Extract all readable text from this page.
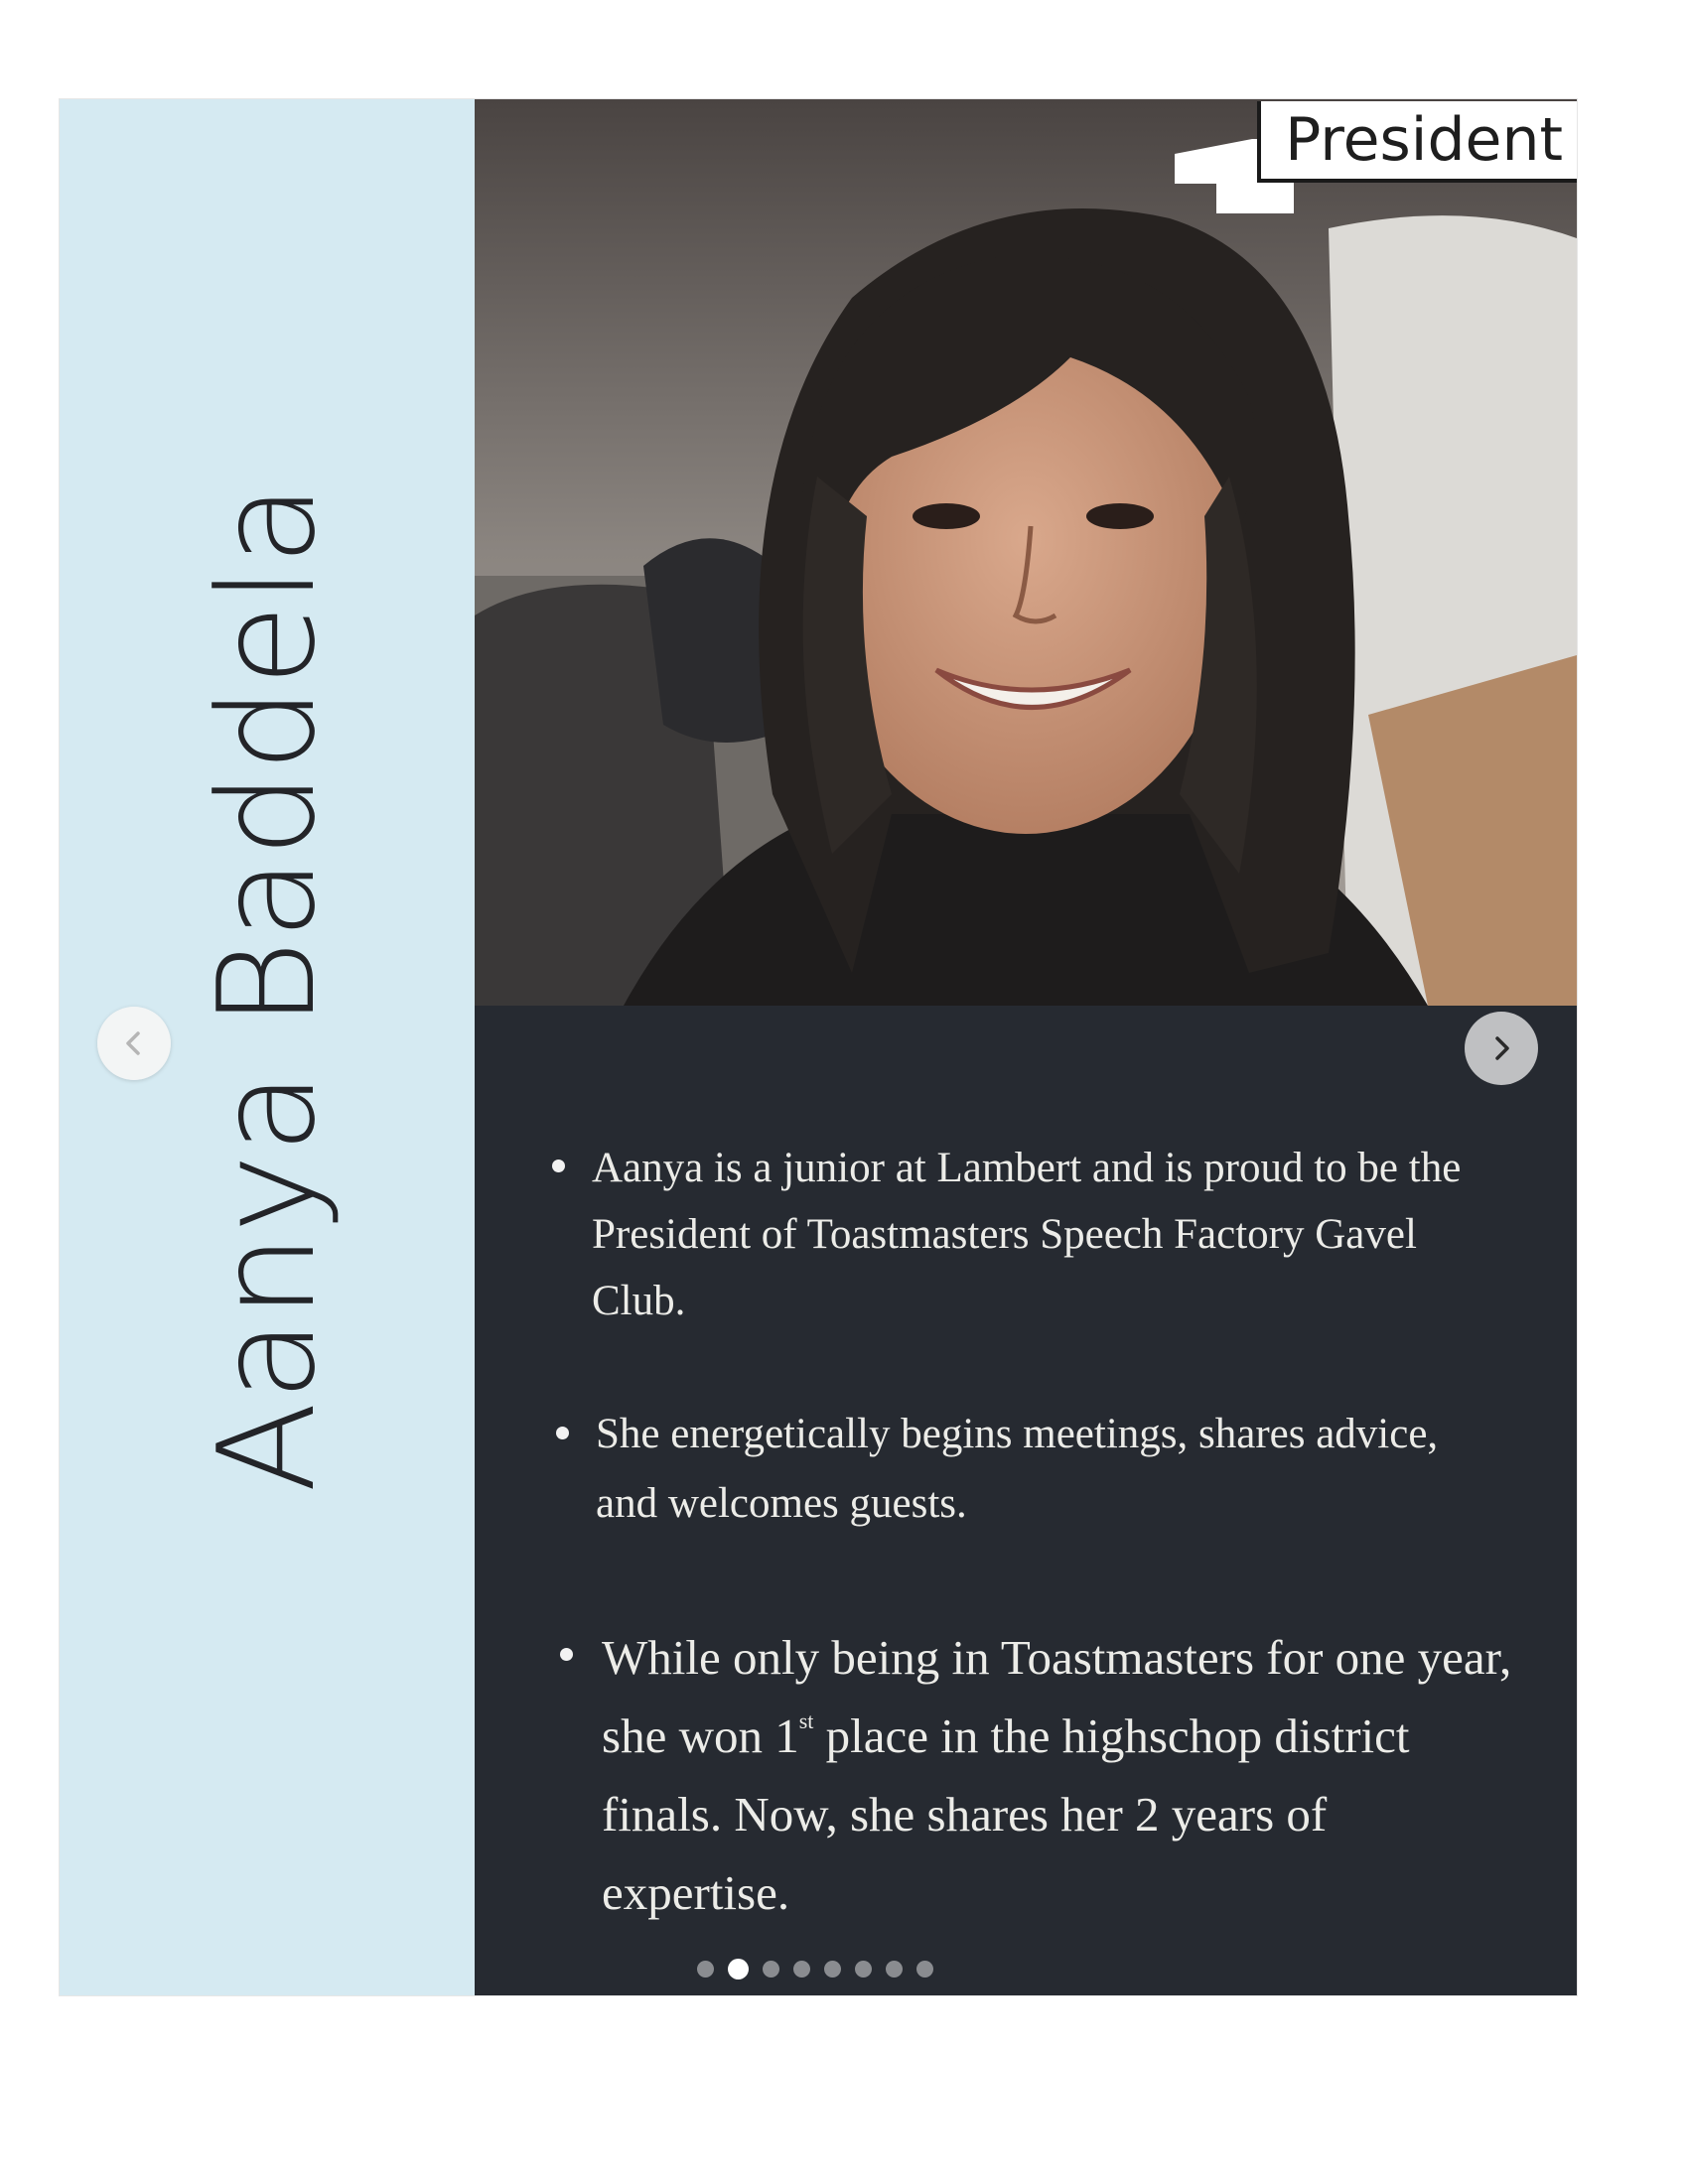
Aanya Baddela
President
Aanya is a junior at Lambert and is proud to be the President of Toastmasters Speech Factory Gavel Club.
She energetically begins meetings, shares advice, and welcomes guests.
While only being in Toastmasters for one year, she won 1st place in the highschop district finals. Now, she shares her 2 years of expertise.
